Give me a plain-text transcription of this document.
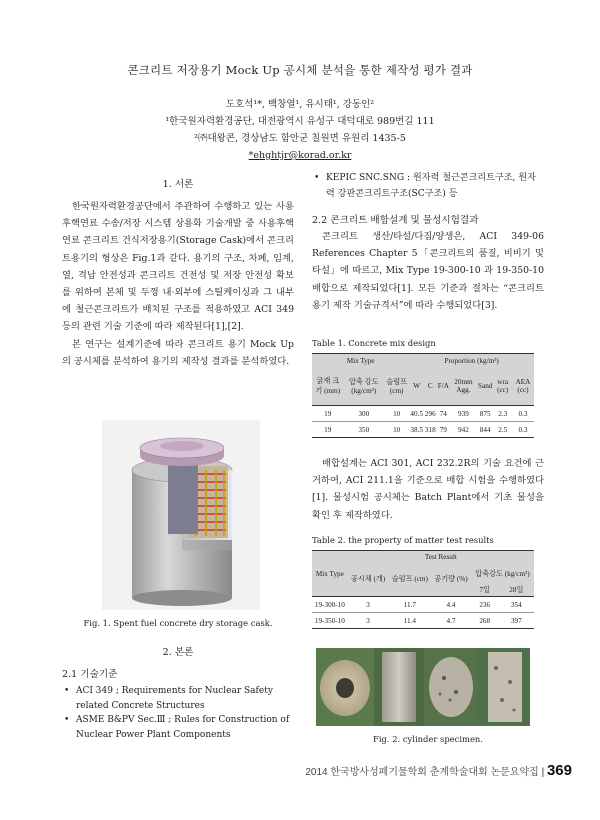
콘크리트 저장용기 Mock Up 공시체 분석을 통한 제작성 평가 결과
도호석¹*, 백창열¹, 유시태¹, 강동인²
¹한국원자력환경공단, 대전광역시 유성구 대덕대로 989번길 111
²㈜대왕콘, 경상남도 함안군 칠원면 유원리 1435-5
*ehghtjr@korad.or.kr
1. 서론

한국원자력환경공단에서 주관하여 수행하고 있는 사용후핵연료 수송/저장 시스템 상용화 기술개발 중 사용후핵연료 콘크리트 건식저장용기(Storage Cask)에서 콘크리트용기의 형상은 Fig.1과 같다. 용기의 구조, 차폐, 임계, 열, 격납 안전성과 콘크리트 건전성 및 저장 안전성 확보를 위하여 본체 및 두껑 내·외부에 스틸케이싱과 그 내부에 철근콘크리트가 배치된 구조를 적용하였고 ACI 349 등의 관련 기술 기준에 따라 제작된다[1],[2].

본 연구는 설계기준에 따라 콘크리트 용기 Mock Up의 공시체를 분석하여 용기의 제작성 결과를 분석하였다.

Fig. 1. Spent fuel concrete dry storage cask.
2. 본론
2.1 기술기준
• ACI 349 ; Requirements for Nuclear Safety related Concrete Structures
• ASME B&PV Sec.Ⅲ ; Rules for Construction of Nuclear Power Plant Components
• KEPIC SNC.SNG : 원자력 철근콘크리트구조, 원자력 강판콘크리트구조(SC구조) 등
2.2 콘크리트 배합설계 및 물성시험결과

콘크리트 생산/타설/다짐/양생은, ACI 349-06 References Chapter 5「콘크리트의 품질, 비비기 및 타설」에 따르고, Mix Type 19-300-10 과 19-350-10 배합으로 제작되었다[1]. 모든 기준과 절차는 “콘크리트 용기 제작 기술규격서”에 따라 수행되었다[3].

Table 1. Concrete mix design
Mix Type			Proportion (kg/m³)						
굵재 크기 (mm)	압축 강도 (kg/cm²)	슬럼프 (cm)	W	C	F/A	20mm Agg.	Sand	wra (cc)	AEA (cc)
19	300	10	40.5	296	74	939	875	2.3	0.3
19	350	10	38.5	318	79	942	844	2.5	0.3

배합설계는 ACI 301, ACI 232.2R의 기술 요건에 근거하여, ACI 211.1을 기준으로 배합 시험을 수행하였다[1]. 물성시험 공시체는 Batch Plant에서 기초 물성을 확인 후 제작하였다.

Table 2. the property of matter test results
Mix Type	Test Result				
	공시체 (개)	슬럼프 (cm)	공기량 (%)	압축강도 (kg/cm²)	
				7일	28일
19-300-10	3	11.7	4.4	236	354
19-350-10	3	11.4	4.7	268	397
Fig. 2. cylinder specimen.
2014 한국방사성폐기물학회 춘계학술대회 논문요약집 | 369
